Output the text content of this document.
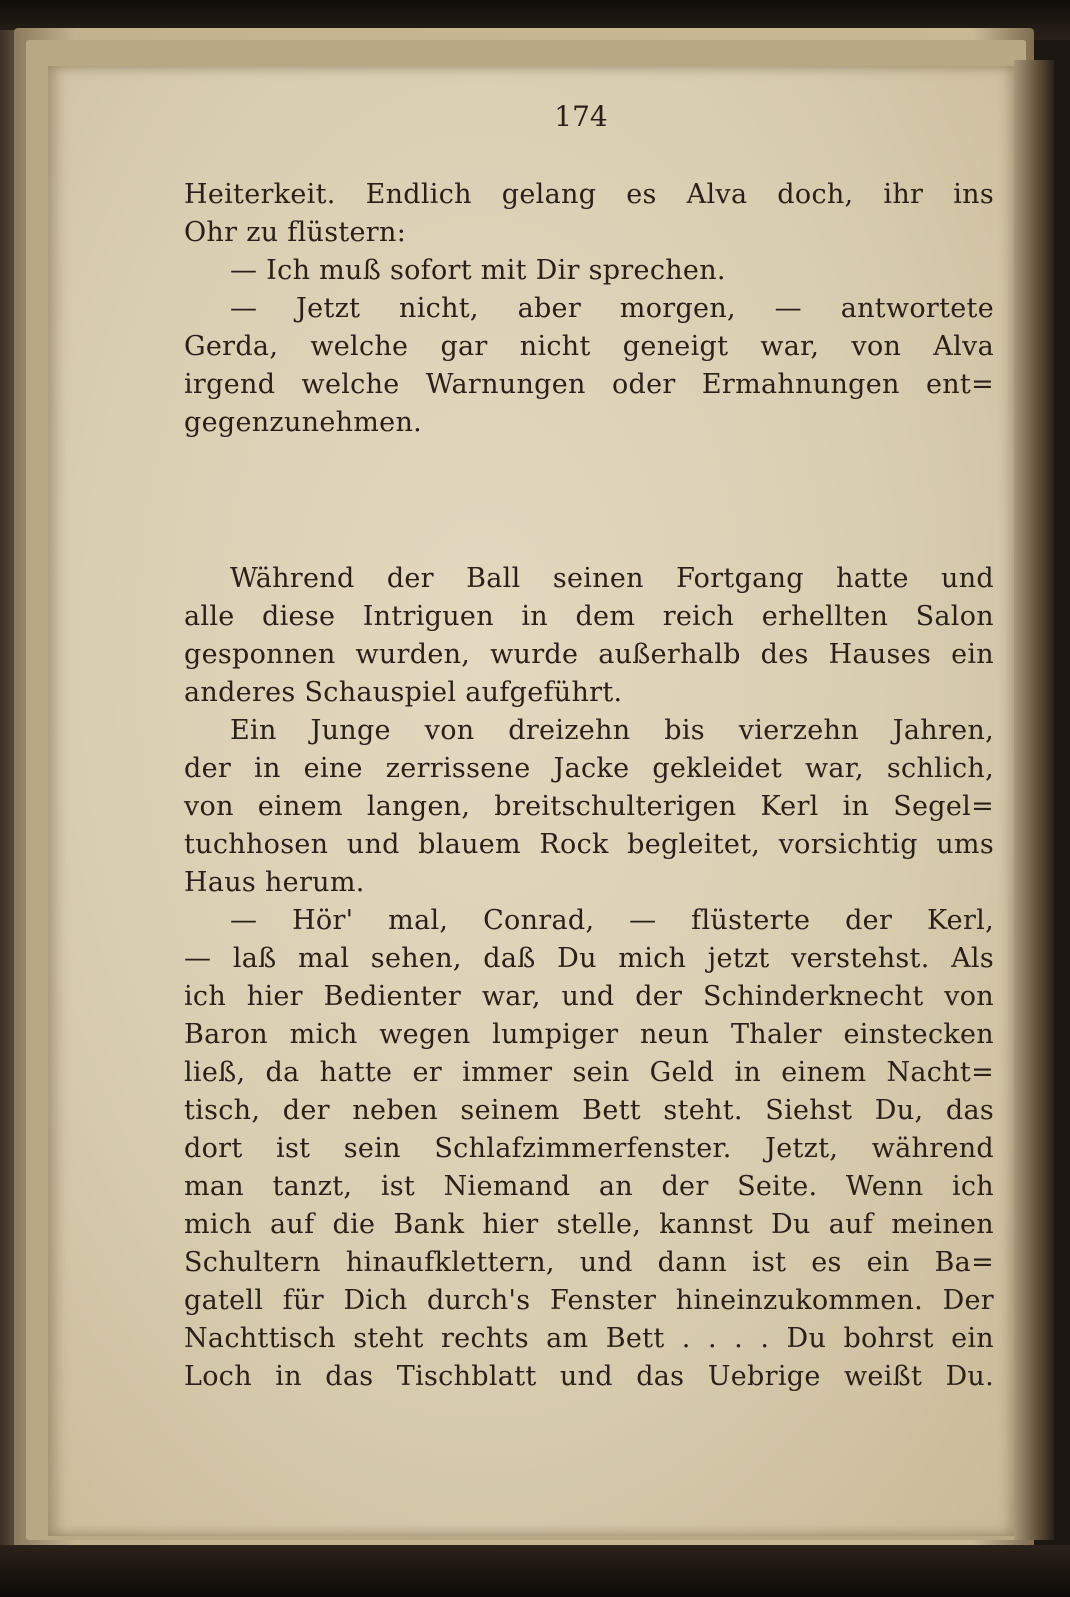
174
Heiterkeit. Endlich gelang es Alva doch, ihr ins
Ohr zu flüstern:
— Ich muß sofort mit Dir sprechen.
— Jetzt nicht, aber morgen, — antwortete
Gerda, welche gar nicht geneigt war, von Alva
irgend welche Warnungen oder Ermahnungen ent=
gegenzunehmen.
Während der Ball seinen Fortgang hatte und
alle diese Intriguen in dem reich erhellten Salon
gesponnen wurden, wurde außerhalb des Hauses ein
anderes Schauspiel aufgeführt.
Ein Junge von dreizehn bis vierzehn Jahren,
der in eine zerrissene Jacke gekleidet war, schlich,
von einem langen, breitschulterigen Kerl in Segel=
tuchhosen und blauem Rock begleitet, vorsichtig ums
Haus herum.
— Hör' mal, Conrad, — flüsterte der Kerl,
— laß mal sehen, daß Du mich jetzt verstehst. Als
ich hier Bedienter war, und der Schinderknecht von
Baron mich wegen lumpiger neun Thaler einstecken
ließ, da hatte er immer sein Geld in einem Nacht=
tisch, der neben seinem Bett steht. Siehst Du, das
dort ist sein Schlafzimmerfenster. Jetzt, während
man tanzt, ist Niemand an der Seite. Wenn ich
mich auf die Bank hier stelle, kannst Du auf meinen
Schultern hinaufklettern, und dann ist es ein Ba=
gatell für Dich durch's Fenster hineinzukommen. Der
Nachttisch steht rechts am Bett . . . . Du bohrst ein
Loch in das Tischblatt und das Uebrige weißt Du.
